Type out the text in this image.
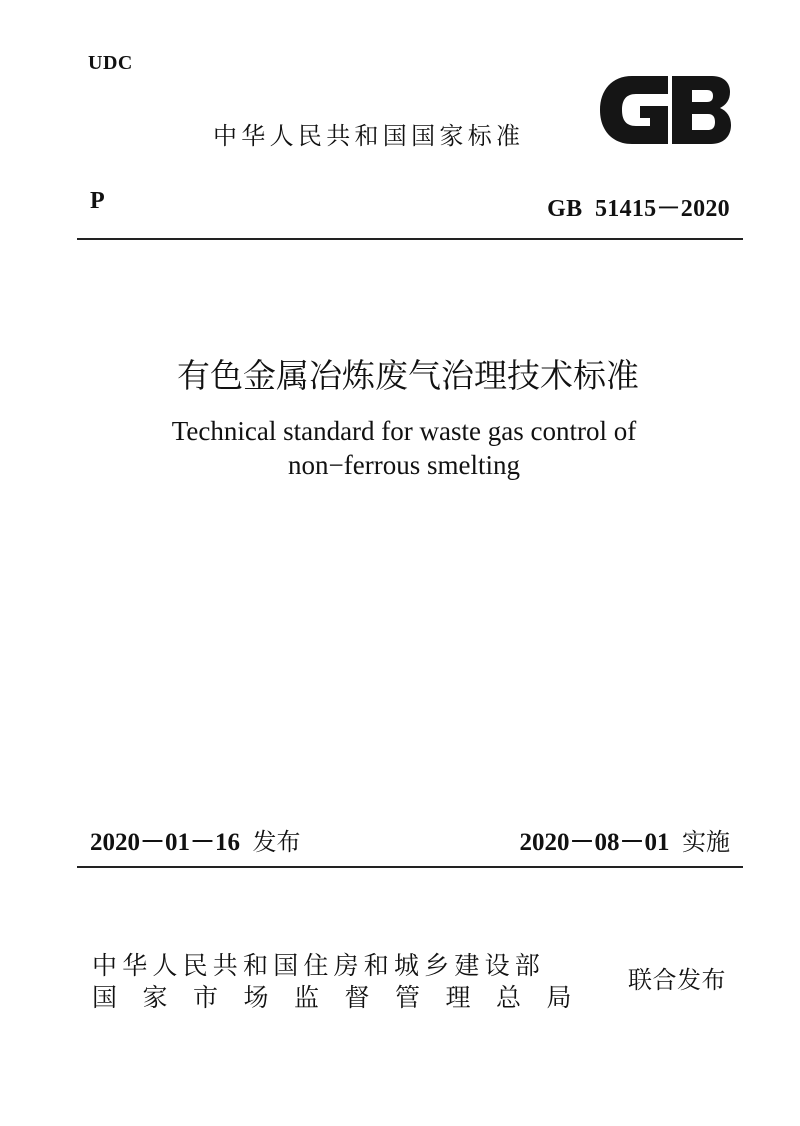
UDC
中华人民共和国国家标准
P	GB  51415－2020
有色金属冶炼废气治理技术标准
Technical standard for waste gas control of
non−ferrous smelting
2020－01－16 发布	2020－08－01 实施
中华人民共和国住房和城乡建设部
国家市场监督管理总局
联合发布
